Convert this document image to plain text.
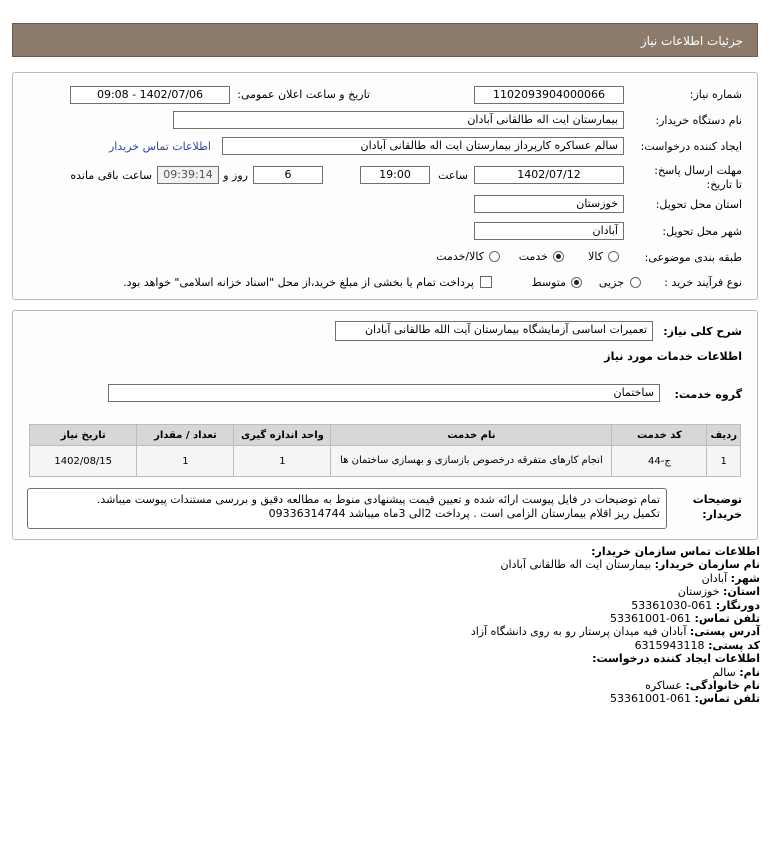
جزئیات اطلاعات نیاز
شماره نیاز:
1102093904000066
تاریخ و ساعت اعلان عمومی:
1402/07/06 - 09:08
نام دستگاه خریدار:
بیمارستان ایت اله طالقانی آبادان
ایجاد کننده درخواست:
سالم عساکره کارپرداز بیمارستان ایت اله طالقانی آبادان
اطلاعات تماس خریدار
مهلت ارسال پاسخ: تا تاریخ:
1402/07/12
ساعت
19:00
6
روز و
09:39:14
ساعت باقی مانده
استان محل تحویل:
خوزستان
شهر محل تحویل:
آبادان
طبقه بندی موضوعی:
کالا
خدمت
کالا/خدمت
نوع فرآیند خرید :
جزیی
متوسط
پرداخت تمام یا بخشی از مبلغ خرید،از محل "اسناد خزانه اسلامی" خواهد بود.
شرح کلی نیاز:
تعمیرات اساسی آزمایشگاه بیمارستان آیت الله طالقانی آبادان
اطلاعات خدمات مورد نیاز
گروه خدمت:
ساختمان
ردیف	کد خدمت	نام خدمت	واحد اندازه گیری	تعداد / مقدار	تاریخ نیاز
1	ج-44	انجام کارهای متفرقه درخصوص بازسازی و بهسازی ساختمان ها	1	1	1402/08/15
توضیحات خریدار:
تمام توضیحات در فایل پیوست ارائه شده و تعیین قیمت پیشنهادی منوط به مطالعه دقیق و بررسی مستندات پیوست میباشد.
تکمیل ریز اقلام بیمارستان الزامی است . پرداخت 2الی 3ماه میباشد 09336314744
اطلاعات تماس سازمان خریدار:
نام سازمان خریدار: بیمارستان ایت اله طالقانی آبادان
شهر: آبادان
استان: خوزستان
دورنگار: 061-53361030
تلفن تماس: 061-53361001
آدرس پستی: آبادان فیه میدان پرستار رو به روی دانشگاه آزاد
کد پستی: 6315943118
اطلاعات ایجاد کننده درخواست:
نام: سالم
نام خانوادگی: عساکره
تلفن تماس: 061-53361001
